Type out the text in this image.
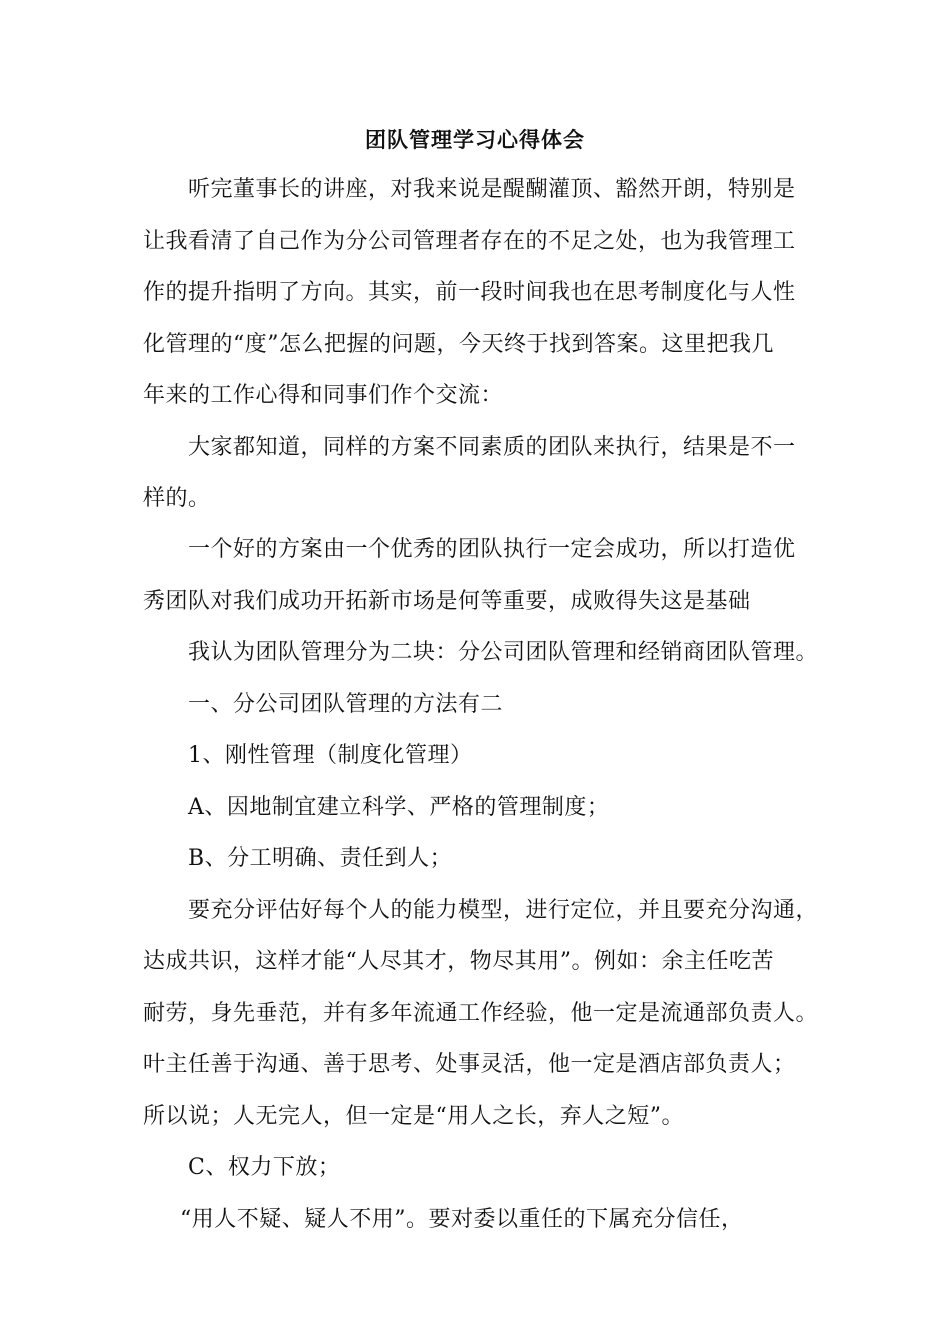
团队管理学习心得体会
听完董事长的讲座，对我来说是醍醐灌顶、豁然开朗，特别是
让我看清了自己作为分公司管理者存在的不足之处，也为我管理工
作的提升指明了方向。其实，前一段时间我也在思考制度化与人性
化管理的“度”怎么把握的问题，今天终于找到答案。这里把我几
年来的工作心得和同事们作个交流：
大家都知道，同样的方案不同素质的团队来执行，结果是不一
样的。
一个好的方案由一个优秀的团队执行一定会成功，所以打造优
秀团队对我们成功开拓新市场是何等重要，成败得失这是基础
我认为团队管理分为二块：分公司团队管理和经销商团队管理。
一、分公司团队管理的方法有二
1、刚性管理（制度化管理）
A、因地制宜建立科学、严格的管理制度；
B、分工明确、责任到人；
要充分评估好每个人的能力模型，进行定位，并且要充分沟通，
达成共识，这样才能“人尽其才，物尽其用”。例如：余主任吃苦
耐劳，身先垂范，并有多年流通工作经验，他一定是流通部负责人。
叶主任善于沟通、善于思考、处事灵活，他一定是酒店部负责人；
所以说；人无完人，但一定是“用人之长，弃人之短”。
C、权力下放；
“用人不疑、疑人不用”。要对委以重任的下属充分信任，
